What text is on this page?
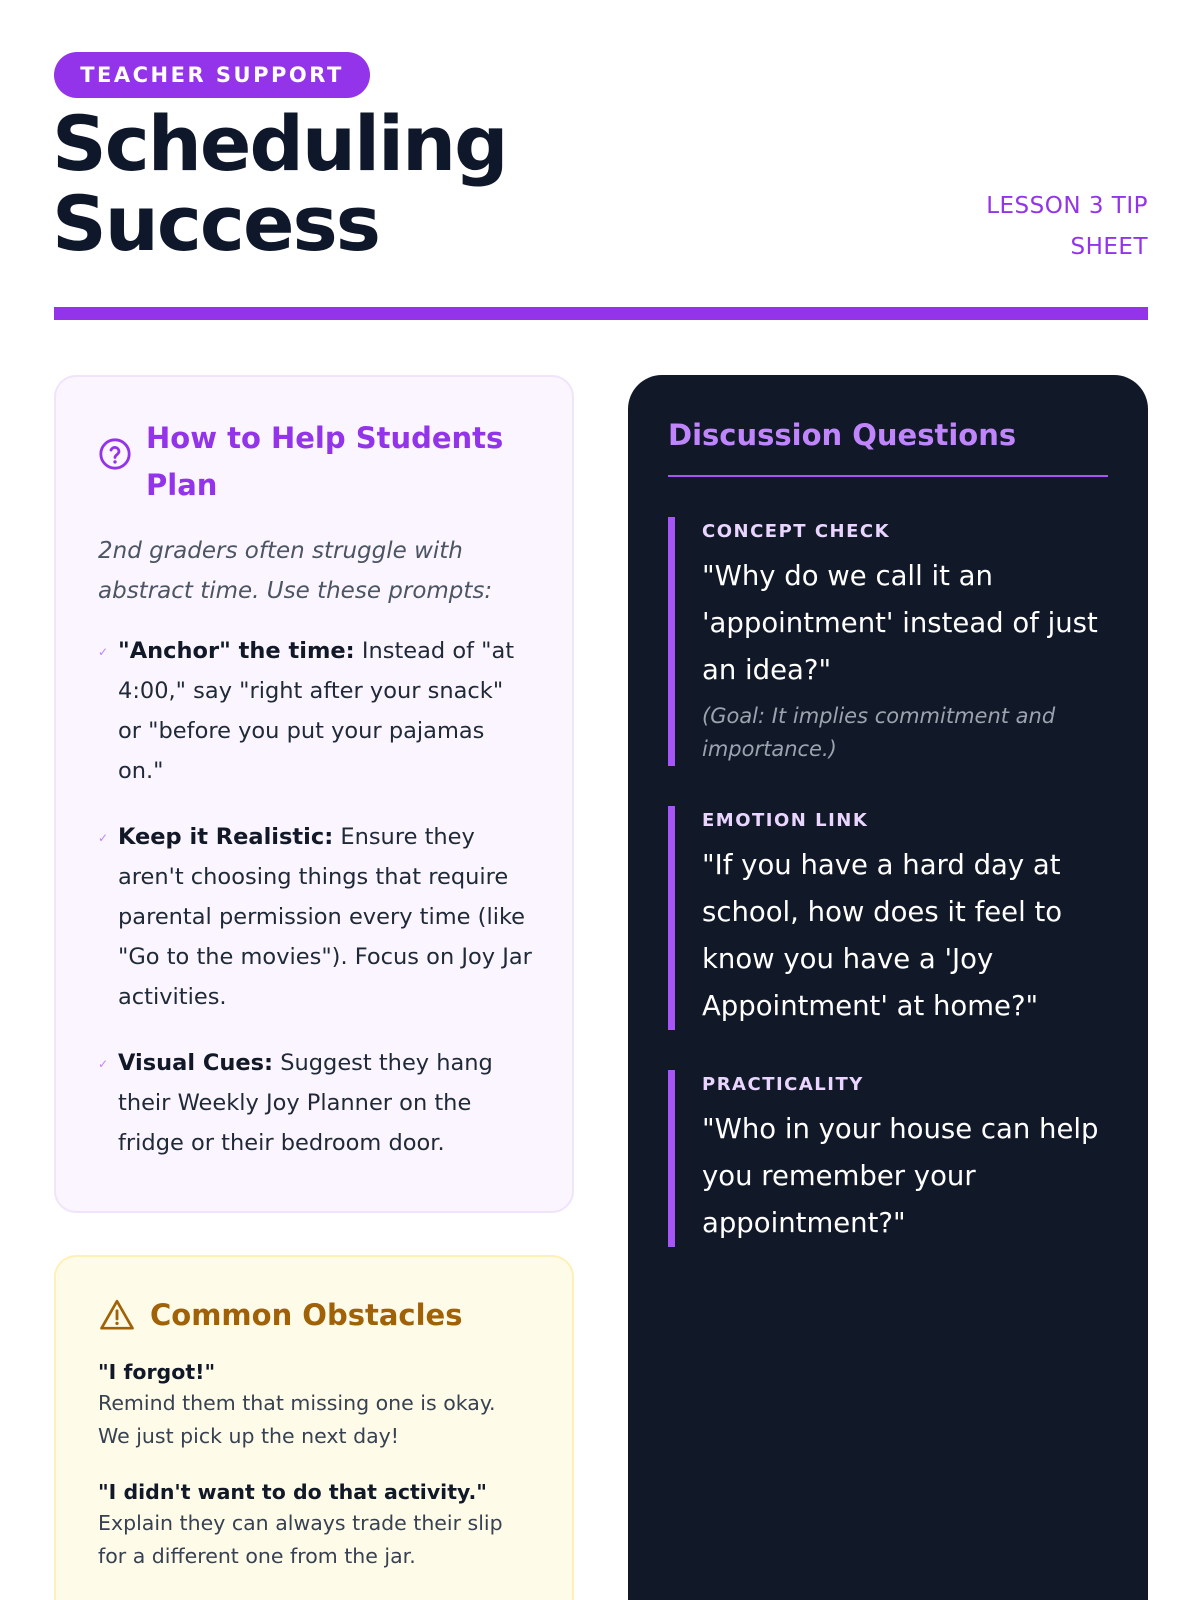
TEACHER SUPPORT
Scheduling
Success	LESSON 3 TIP SHEET
How to Help Students Plan

2nd graders often struggle with abstract time. Use these prompts:

✓ "Anchor" the time: Instead of "at 4:00," say "right after your snack" or "before you put your pajamas on."
✓ Keep it Realistic: Ensure they aren't choosing things that require parental permission every time (like "Go to the movies"). Focus on Joy Jar activities.
✓ Visual Cues: Suggest they hang their Weekly Joy Planner on the fridge or their bedroom door.
Common Obstacles
"I forgot!"
Remind them that missing one is okay. We just pick up the next day!
"I didn't want to do that activity."
Explain they can always trade their slip for a different one from the jar.
Discussion Questions
CONCEPT CHECK
"Why do we call it an 'appointment' instead of just an idea?"
(Goal: It implies commitment and importance.)
EMOTION LINK
"If you have a hard day at school, how does it feel to know you have a 'Joy Appointment' at home?"
PRACTICALITY
"Who in your house can help you remember your appointment?"
